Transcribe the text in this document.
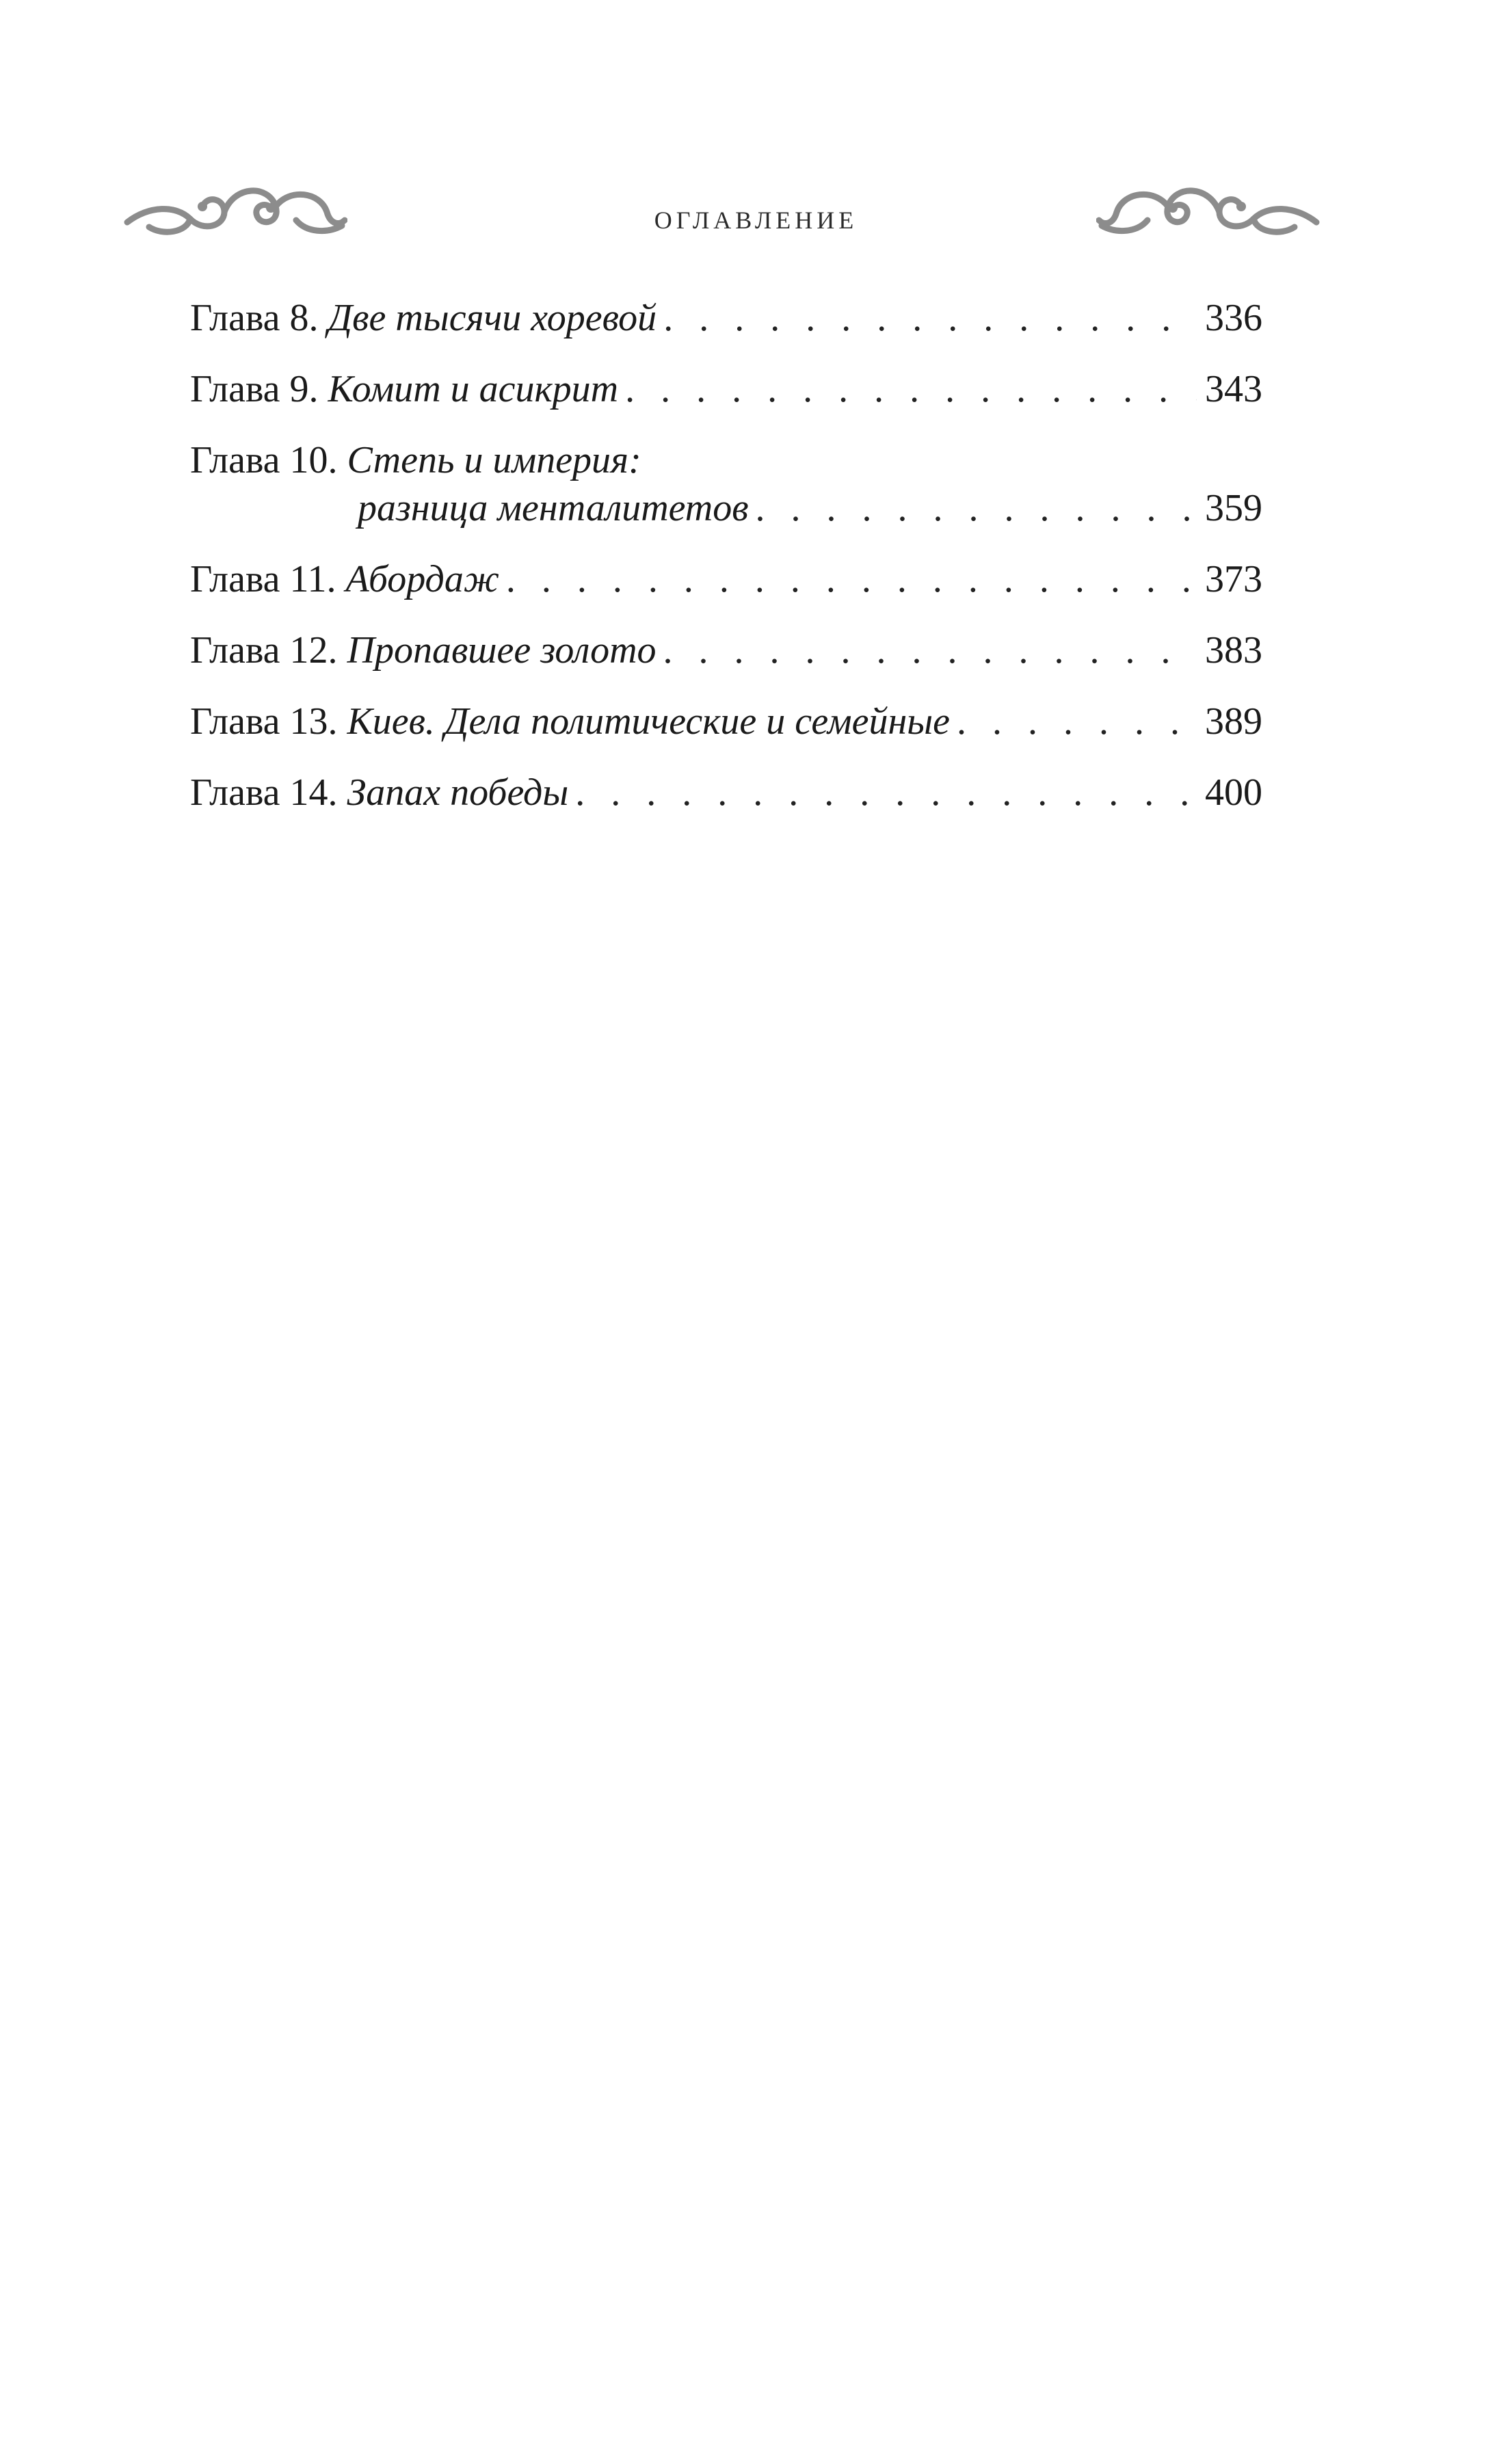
оглавление
Глава 8. Две тысячи хоревой . . .	336
Глава 9. Комит и асикрит . . .	343
Глава 10. Степь и империя:
разница менталитетов . . .	359
Глава 11. Абордаж . . .	373
Глава 12. Пропавшее золото . . .	383
Глава 13. Киев. Дела политические и семейные . . .	389
Глава 14. Запах победы . . .	400
